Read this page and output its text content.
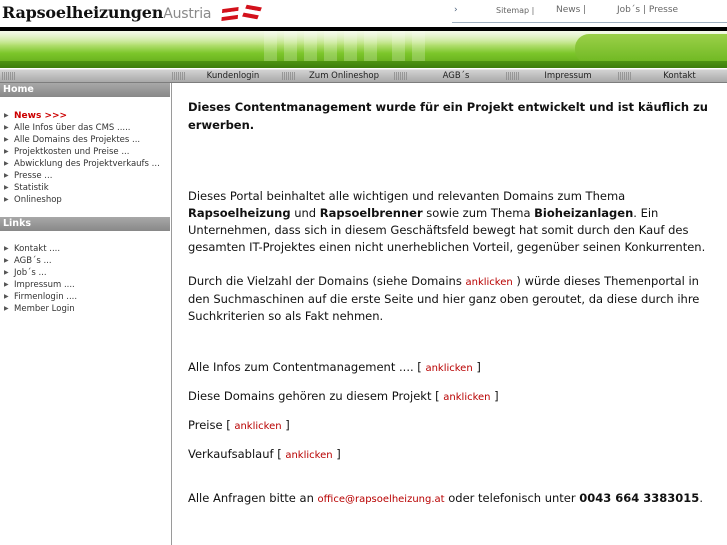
RapsoelheizungenAustria	›	Sitemap | News |	Job´s | Presse
Kundenlogin	Zum Onlineshop	AGB´s	Impressum	Kontakt
Home
▶ News >>>
▶ Alle Infos über das CMS .....
▶ Alle Domains des Projektes ...
▶ Projektkosten und Preise ...
▶ Abwicklung des Projektverkaufs ...
▶ Presse ...
▶ Statistik
▶ Onlineshop
Links
▶ Kontakt ....
▶ AGB´s ...
▶ Job´s ...
▶ Impressum ....
▶ Firmenlogin ....
▶ Member Login

Dieses Contentmanagement wurde für ein Projekt entwickelt und ist käuflich zu erwerben.

Dieses Portal beinhaltet alle wichtigen und relevanten Domains zum Thema Rapsoelheizung und Rapsoelbrenner sowie zum Thema Bioheizanlagen. Ein Unternehmen, dass sich in diesem Geschäftsfeld bewegt hat somit durch den Kauf des gesamten IT-Projektes einen nicht unerheblichen Vorteil, gegenüber seinen Konkurrenten.

Durch die Vielzahl der Domains (siehe Domains anklicken ) würde dieses Themenportal in den Suchmaschinen auf die erste Seite und hier ganz oben geroutet, da diese durch ihre Suchkriterien so als Fakt nehmen.

Alle Infos zum Contentmanagement .... [ anklicken ]

Diese Domains gehören zu diesem Projekt [ anklicken ]

Preise [ anklicken ]

Verkaufsablauf [ anklicken ]

Alle Anfragen bitte an office@rapsoelheizung.at oder telefonisch unter 0043 664 3383015.
